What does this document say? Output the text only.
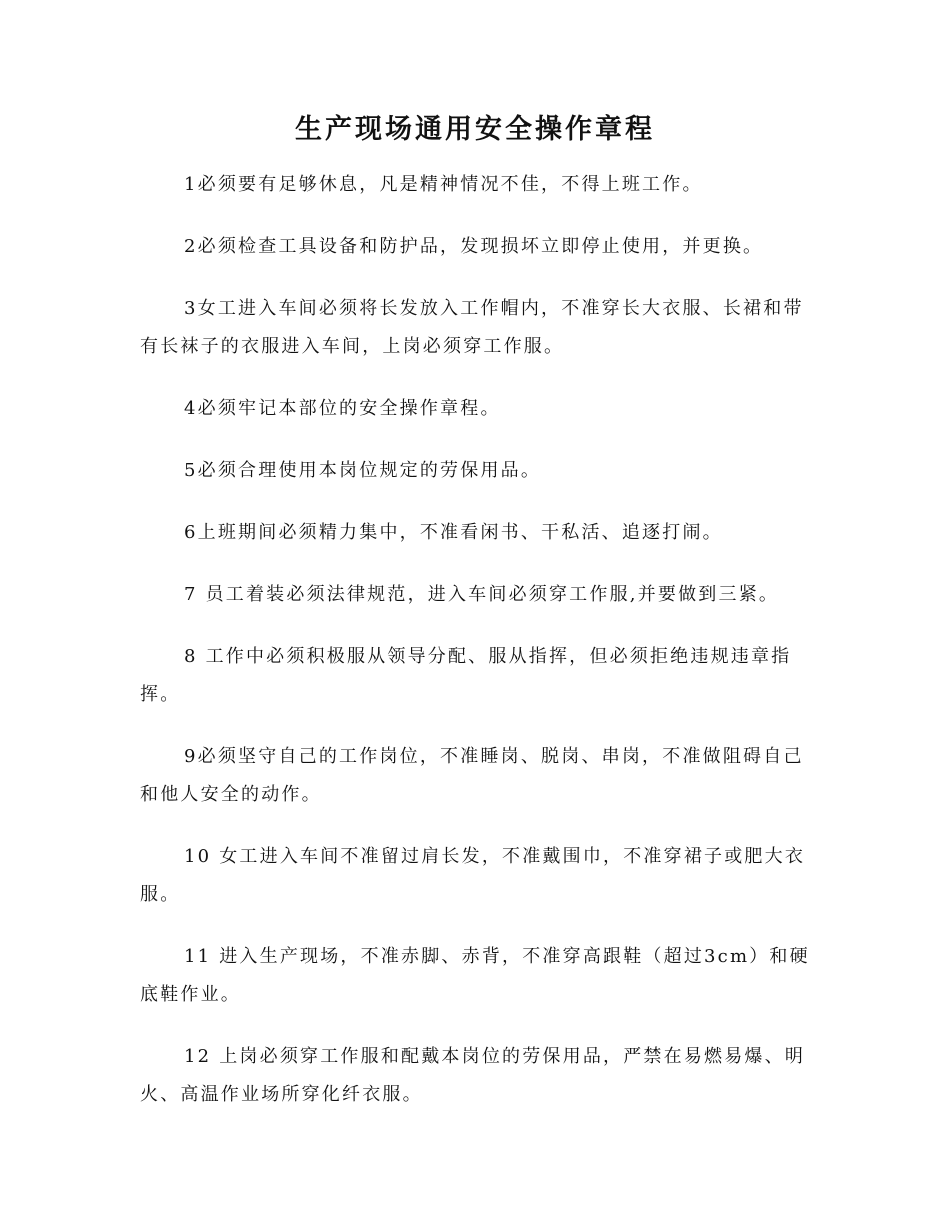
生产现场通用安全操作章程

1必须要有足够休息，凡是精神情况不佳，不得上班工作。

2必须检查工具设备和防护品，发现损坏立即停止使用，并更换。

3女工进入车间必须将长发放入工作帽内，不准穿长大衣服、长裙和带有长袜子的衣服进入车间，上岗必须穿工作服。

4必须牢记本部位的安全操作章程。

5必须合理使用本岗位规定的劳保用品。

6上班期间必须精力集中，不准看闲书、干私活、追逐打闹。

7 员工着装必须法律规范，进入车间必须穿工作服,并要做到三紧。

8 工作中必须积极服从领导分配、服从指挥，但必须拒绝违规违章指挥。

9必须坚守自己的工作岗位，不准睡岗、脱岗、串岗，不准做阻碍自己和他人安全的动作。

10 女工进入车间不准留过肩长发，不准戴围巾，不准穿裙子或肥大衣服。

11 进入生产现场，不准赤脚、赤背，不准穿高跟鞋（超过3cm）和硬底鞋作业。

12 上岗必须穿工作服和配戴本岗位的劳保用品，严禁在易燃易爆、明火、高温作业场所穿化纤衣服。
